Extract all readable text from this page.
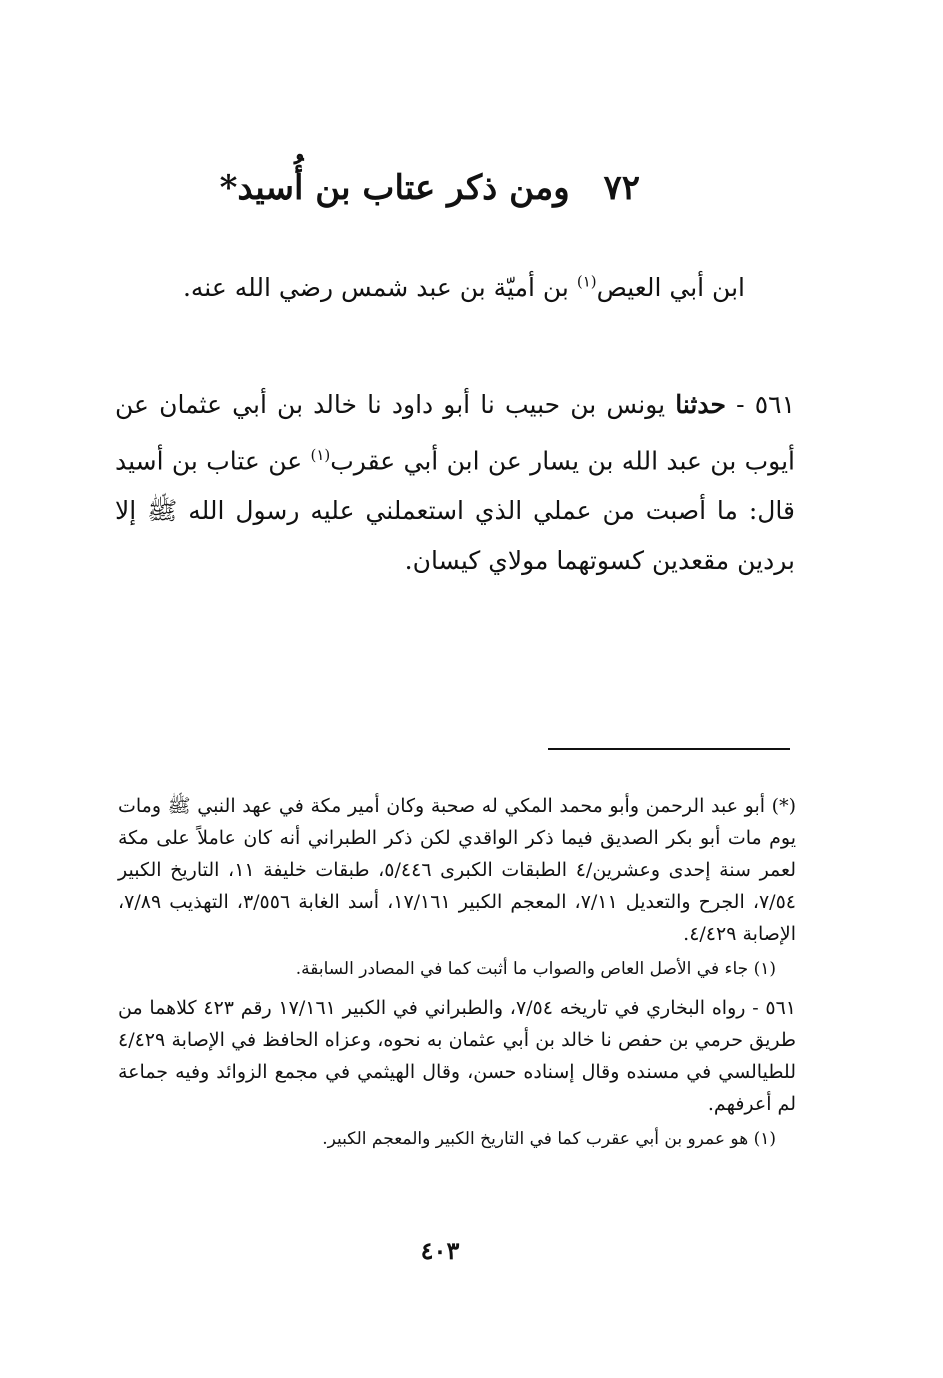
٧٢ ومن ذكر عتاب بن أُسيد*
ابن أبي العيص$^{(١)}$ بن أميّة بن عبد شمس رضي الله عنه.
٥٦١ - حدثنا يونس بن حبيب نا أبو داود نا خالد بن أبي عثمان عن أيوب بن عبد الله بن يسار عن ابن أبي عقرب$^{(١)}$ عن عتاب بن أسيد قال: ما أصبت من عملي الذي استعملني عليه رسول الله ﷺ إلا بردين مقعدين كسوتهما مولاي كيسان.

(*) أبو عبد الرحمن وأبو محمد المكي له صحبة وكان أمير مكة في عهد النبي ﷺ ومات يوم مات أبو بكر الصديق فيما ذكر الواقدي لكن ذكر الطبراني أنه كان عاملاً على مكة لعمر سنة إحدى وعشرين/٤ الطبقات الكبرى ٥/٤٤٦، طبقات خليفة ١١، التاريخ الكبير ٧/٥٤، الجرح والتعديل ٧/١١، المعجم الكبير ١٧/١٦١، أسد الغابة ٣/٥٥٦، التهذيب ٧/٨٩، الإصابة ٤/٤٢٩.

(١) جاء في الأصل العاص والصواب ما أثبت كما في المصادر السابقة.

٥٦١ - رواه البخاري في تاريخه ٧/٥٤، والطبراني في الكبير ١٧/١٦١ رقم ٤٢٣ كلاهما من طريق حرمي بن حفص نا خالد بن أبي عثمان به نحوه، وعزاه الحافظ في الإصابة ٤/٤٢٩ للطيالسي في مسنده وقال إسناده حسن، وقال الهيثمي في مجمع الزوائد وفيه جماعة لم أعرفهم.

(١) هو عمرو بن أبي عقرب كما في التاريخ الكبير والمعجم الكبير.

٤٠٣
